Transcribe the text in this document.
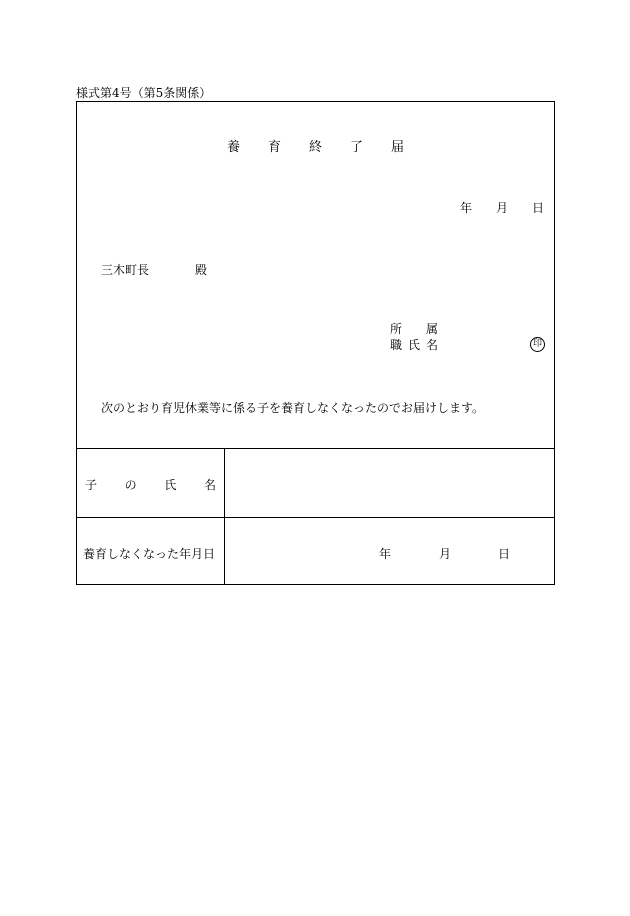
様式第4号（第5条関係）
養 育 終 了 届
年 月 日
三木町長	殿
所 属
職 氏 名	印
次のとおり育児休業等に係る子を養育しなくなったのでお届けします。
子 の 氏 名
養育しなくなった年月日	年	月	日
